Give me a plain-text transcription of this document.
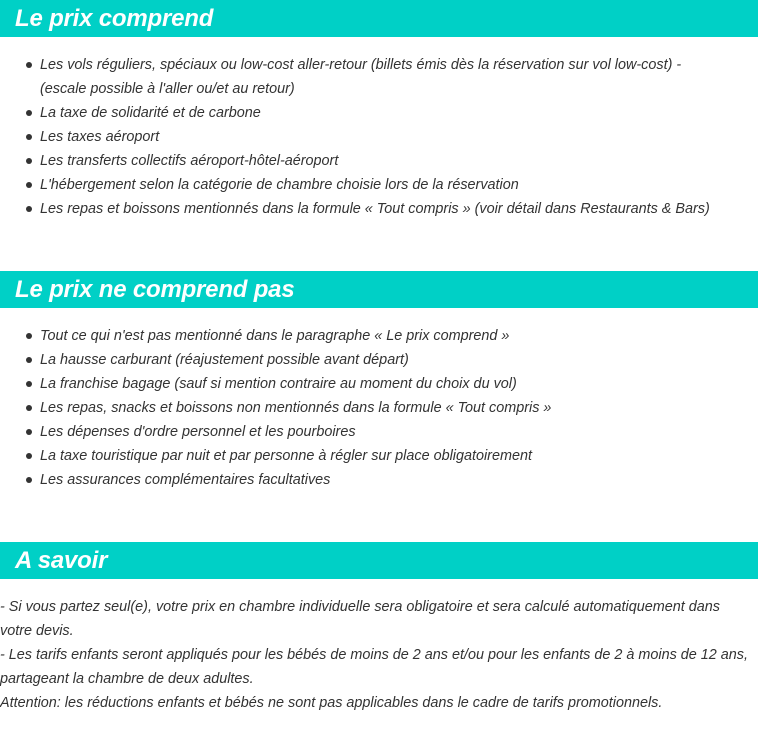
Le prix comprend
Les vols réguliers, spéciaux ou low-cost aller-retour (billets émis dès la réservation sur vol low-cost) - (escale possible à l'aller ou/et au retour)
La taxe de solidarité et de carbone
Les taxes aéroport
Les transferts collectifs aéroport-hôtel-aéroport
L'hébergement selon la catégorie de chambre choisie lors de la réservation
Les repas et boissons mentionnés dans la formule « Tout compris » (voir détail dans Restaurants & Bars)
Le prix ne comprend pas
Tout ce qui n'est pas mentionné dans le paragraphe « Le prix comprend »
La hausse carburant (réajustement possible avant départ)
La franchise bagage (sauf si mention contraire au moment du choix du vol)
Les repas, snacks et boissons non mentionnés dans la formule « Tout compris »
Les dépenses d'ordre personnel et les pourboires
La taxe touristique par nuit et par personne à régler sur place obligatoirement
Les assurances complémentaires facultatives
A savoir

- Si vous partez seul(e), votre prix en chambre individuelle sera obligatoire et sera calculé automatiquement dans votre devis.

- Les tarifs enfants seront appliqués pour les bébés de moins de 2 ans et/ou pour les enfants de 2 à moins de 12 ans, partageant la chambre de deux adultes.

Attention: les réductions enfants et bébés ne sont pas applicables dans le cadre de tarifs promotionnels.
